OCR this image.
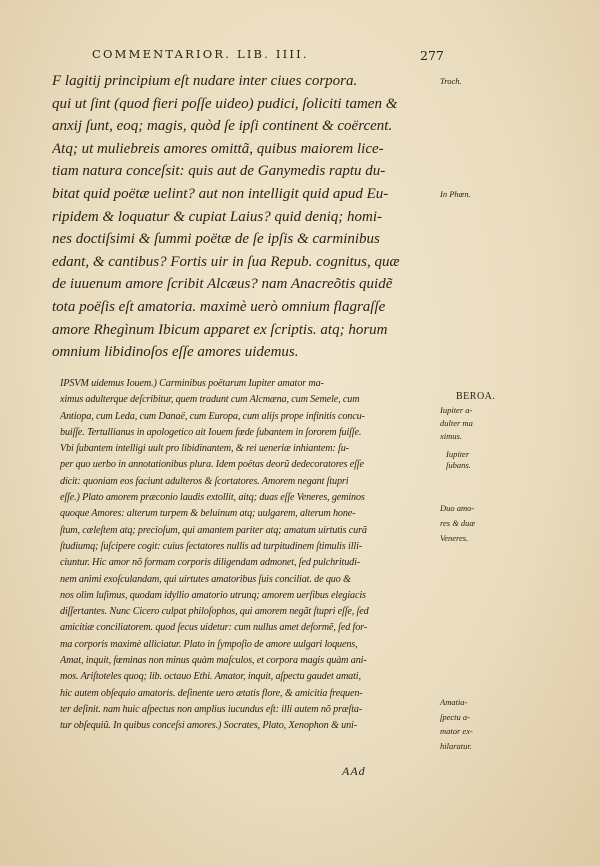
COMMENTARIOR. LIB. IIII.	277
F lagitij principium eſt nudare inter ciues corpora.
qui ut ſint (quod fieri poſſe uideo) pudici, ſoliciti tamen &
anxij ſunt, eoq; magis, quòd ſe ipſi continent & coërcent.
Atq; ut muliebreis amores omittã, quibus maiorem lice-
tiam natura conceſsit: quis aut de Ganymedis raptu du-
bitat quid poëtæ uelint? aut non intelligit quid apud Eu-
ripidem & loquatur & cupiat Laius? quid deniq; homi-
nes doctiſsimi & ſummi poëtæ de ſe ipſis & carminibus
edant, & cantibus? Fortis uir in ſua Repub. cognitus, quæ
de iuuenum amore ſcribit Alcæus? nam Anacreõtis quidẽ
tota poëſis eſt amatoria. maximè uerò omnium flagraſſe
amore Rhegìnum Ibicum apparet ex ſcriptis. atq; horum
omnium libidinoſos eſſe amores uidemus.
IPSVM uidemus Iouem.) Carminibus poëtarum Iupiter amator ma-
ximus adulterque deſcribitur, quem tradunt cum Alcmæna, cum Semele, cum
Antiopa, cum Leda, cum Danaë, cum Europa, cum alijs prope infinitis concu-
buiſſe. Tertullianus in apologetico ait Iouem fœde ſubantem in ſororem fuiſſe.
Vbi ſubantem intelligi uult pro libidinantem, & rei ueneriæ inhiantem: ſu-
per quo uerbo in annotationibus plura. Idem poëtas deorũ dedecoratores eſſe
dicit: quoniam eos faciunt adulteros & ſcortatores. Amorem negant ſtupri
eſſe.) Plato amorem præconio laudis extollit, aitq; duas eſſe Veneres, geminos
quoque Amores: alterum turpem & beluinum atq; uulgarem, alterum hone-
ſtum, cæleſtem atq; precioſum, qui amantem pariter atq; amatum uirtutis curã
ſtudiumq; ſuſcipere cogit: cuius ſectatores nullis ad turpitudinem ſtimulis illi-
ciuntur. Hic amor nõ formam corporis diligendam admonet, ſed pulchritudi-
nem animi exoſculandam, qui uirtutes amatoribus ſuis conciliat. de quo &
nos olim luſimus, quodam idyllio amatorio utrunq; amorem uerſibus elegiacis
diſſertantes. Nunc Cicero culpat philoſophos, qui amorem negãt ſtupri eſſe, ſed
amicitiæ conciliatorem. quod ſecus uidetur: cum nullus amet deformẽ, ſed for-
ma corporis maximè alliciatur. Plato in ſympoſio de amore uulgari loquens,
Amat, inquit, fœminas non minus quàm maſculos, et corpora magis quàm ani-
mos. Ariſtoteles quoq; lib. octauo Ethi. Amator, inquit, aſpectu gaudet amati,
hic autem obſequio amatoris. deſinente uero ætatis flore, & amicitia frequen-
ter deſinit. nam huic aſpectus non amplius iucundus eſt: illi autem nõ præſta-
tur obſequiũ. In quibus conceſsi amores.) Socrates, Plato, Xenophon & uni-
Troch.
In Phœn.
BEROA.
Iupiter a-
dulter ma
ximus.
Iupiter
ſubans.
Duo amo-
res & duæ
Veneres.
Amatia-
ſpectu a-
mator ex-
hilaratur.
AAd
